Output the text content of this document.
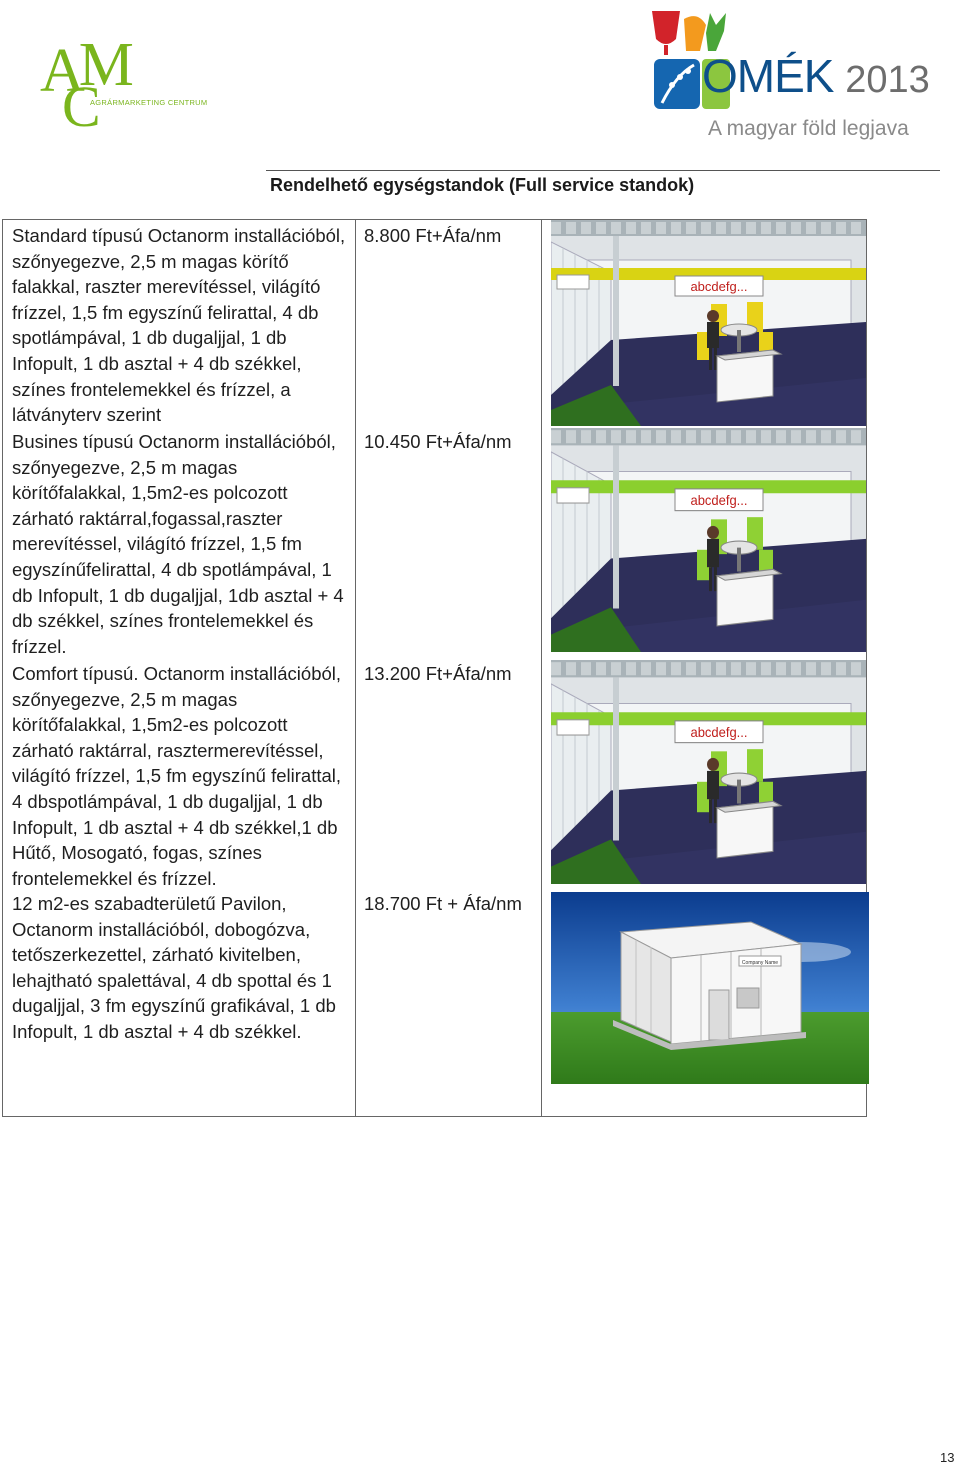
AM
C
AGRÁRMARKETING CENTRUM
OMÉK 2013
A magyar föld legjava
Rendelhető egységstandok (Full service standok)
Standard típusú Octanorm installációból, szőnyegezve, 2,5 m magas körítő falakkal, raszter merevítéssel, világító frízzel, 1,5 fm egyszínű felirattal, 4 db spotlámpával, 1 db dugaljjal, 1 db Infopult, 1 db asztal + 4 db székkel, színes frontelemekkel és frízzel, a látványterv szerint
8.800 Ft+Áfa/nm
abcdefg...
Busines típusú Octanorm installációból, szőnyegezve, 2,5 m magas körítőfalakkal, 1,5m2-es polcozott zárható raktárral,fogassal,raszter merevítéssel, világító frízzel, 1,5 fm egyszínűfelirattal, 4 db spotlámpával, 1 db Infopult, 1 db dugaljjal, 1db asztal + 4 db székkel, színes frontelemekkel és frízzel.
10.450 Ft+Áfa/nm
abcdefg...
Comfort típusú. Octanorm installációból, szőnyegezve, 2,5 m magas körítőfalakkal, 1,5m2-es polcozott zárható raktárral, rasztermerevítéssel, világító frízzel, 1,5 fm egyszínű felirattal, 4 dbspotlámpával, 1 db dugaljjal, 1 db Infopult, 1 db asztal + 4 db székkel,1 db Hűtő, Mosogató, fogas, színes frontelemekkel és frízzel.
13.200 Ft+Áfa/nm
abcdefg...
12 m2-es szabadterületű Pavilon, Octanorm installációból, dobogózva, tetőszerkezettel, zárható kivitelben, lehajtható spalettával, 4 db spottal és 1 dugaljjal, 3 fm egyszínű grafikával, 1 db Infopult, 1 db asztal + 4 db székkel.
18.700 Ft + Áfa/nm
Company Name
13
